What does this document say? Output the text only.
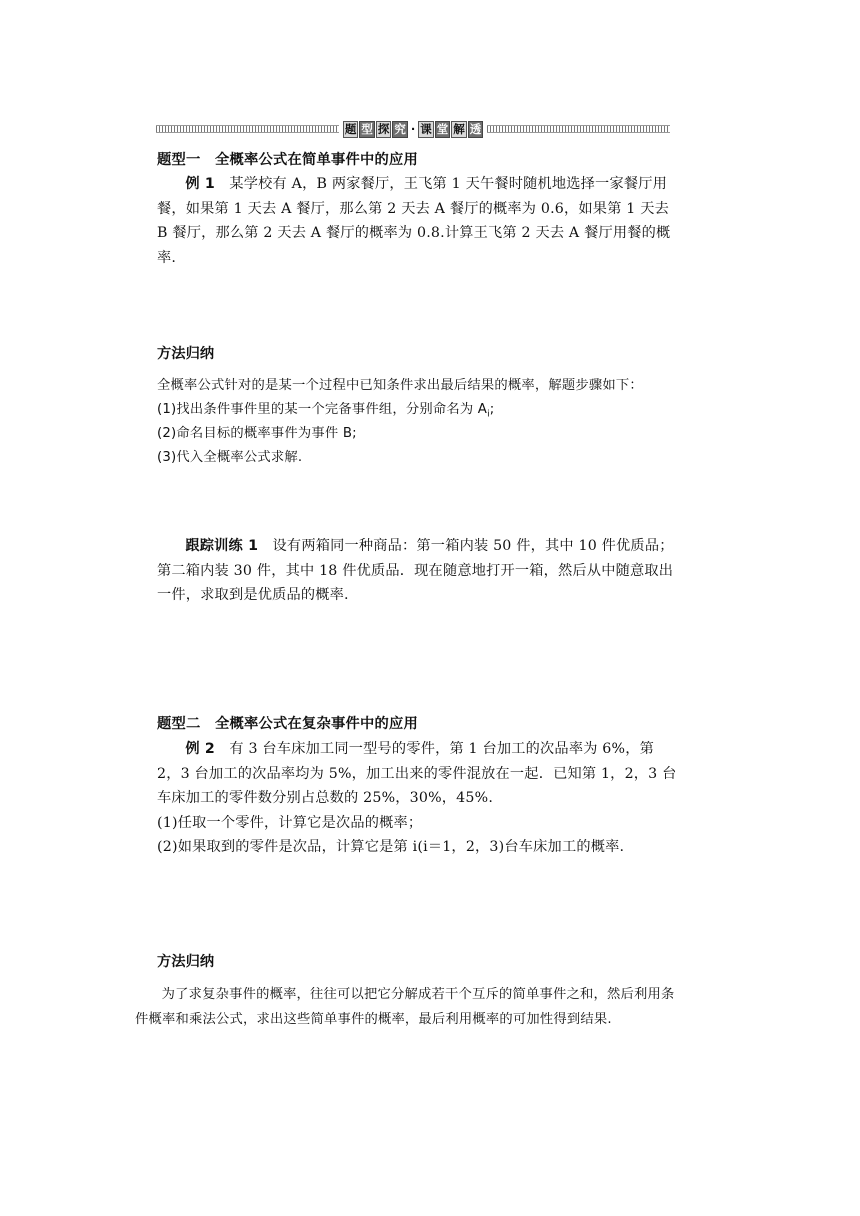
题 型 探 究 · 课 堂 解 透
题型一　全概率公式在简单事件中的应用
例 1　 某学校有 A，B 两家餐厅，王飞第 1 天午餐时随机地选择一家餐厅用餐，如果第 1 天去 A 餐厅，那么第 2 天去 A 餐厅的概率为 0.6，如果第 1 天去 B 餐厅，那么第 2 天去 A 餐厅的概率为 0.8.计算王飞第 2 天去 A 餐厅用餐的概率.
方法归纳
全概率公式针对的是某一个过程中已知条件求出最后结果的概率，解题步骤如下：
(1)找出条件事件里的某一个完备事件组，分别命名为 $A_i$;
(2)命名目标的概率事件为事件 B;
(3)代入全概率公式求解.
跟踪训练 1　 设有两箱同一种商品：第一箱内装 50 件，其中 10 件优质品；第二箱内装 30 件，其中 18 件优质品．现在随意地打开一箱，然后从中随意取出一件，求取到是优质品的概率.
题型二　全概率公式在复杂事件中的应用
例 2　 有 3 台车床加工同一型号的零件，第 1 台加工的次品率为 6%，第 2，3 台加工的次品率均为 5%，加工出来的零件混放在一起．已知第 1，2，3 台车床加工的零件数分别占总数的 25%，30%，45%.
(1)任取一个零件，计算它是次品的概率；
(2)如果取到的零件是次品，计算它是第 i(i＝1，2，3)台车床加工的概率.
方法归纳
为了求复杂事件的概率，往往可以把它分解成若干个互斥的简单事件之和，然后利用条件概率和乘法公式，求出这些简单事件的概率，最后利用概率的可加性得到结果.
